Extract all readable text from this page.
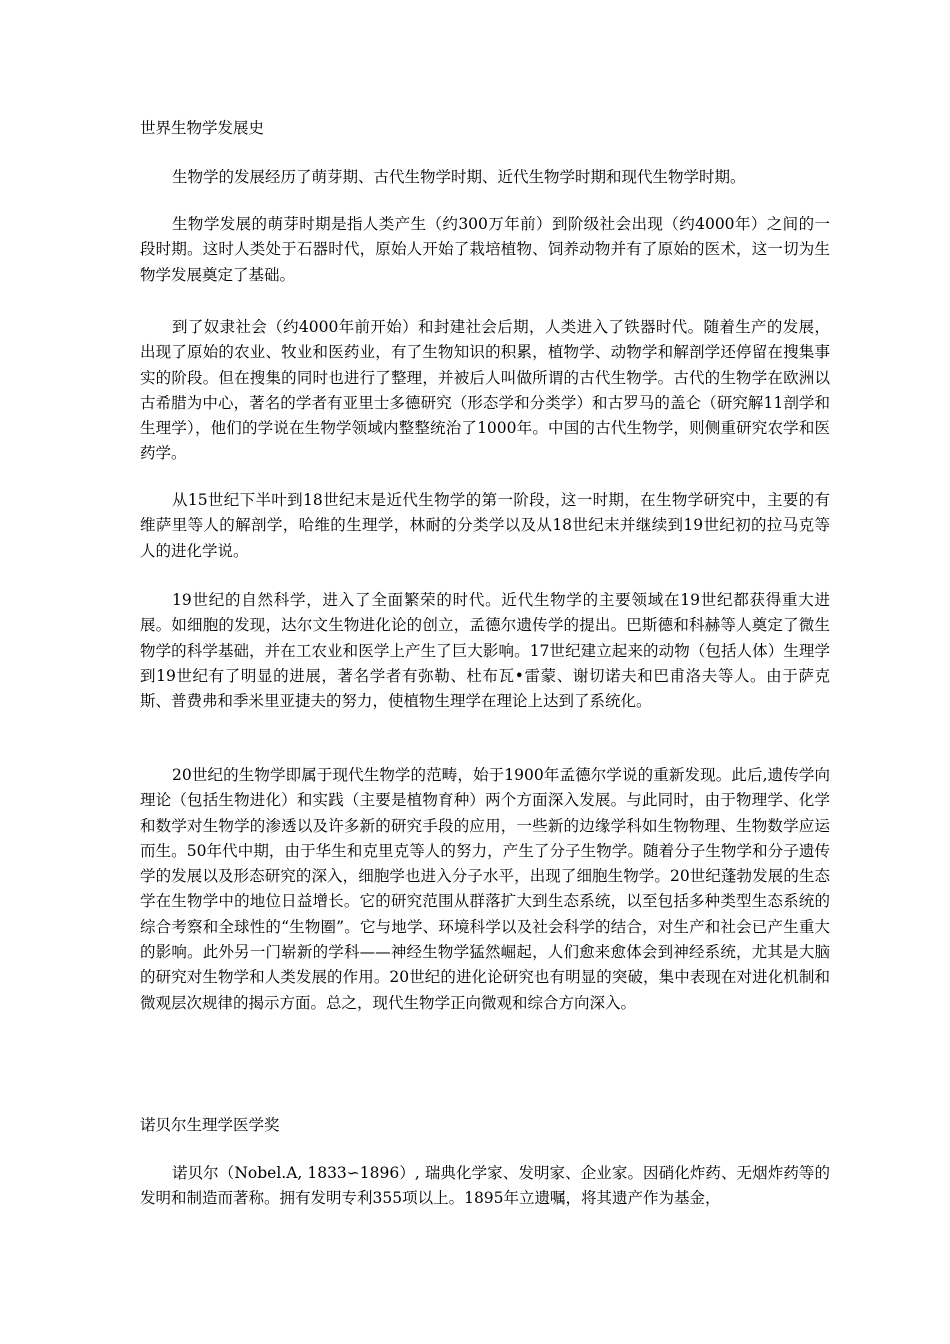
世界生物学发展史
生物学的发展经历了萌芽期、古代生物学时期、近代生物学时期和现代生物学时期。

生物学发展的萌芽时期是指人类产生（约300万年前）到阶级社会出现（约4000年）之间的一段时期。这时人类处于石器时代，原始人开始了栽培植物、饲养动物并有了原始的医术，这一切为生物学发展奠定了基础。

到了奴隶社会（约4000年前开始）和封建社会后期，人类进入了铁器时代。随着生产的发展，出现了原始的农业、牧业和医药业，有了生物知识的积累，植物学、动物学和解剖学还停留在搜集事实的阶段。但在搜集的同时也进行了整理，并被后人叫做所谓的古代生物学。古代的生物学在欧洲以古希腊为中心，著名的学者有亚里士多德研究（形态学和分类学）和古罗马的盖仑（研究解11剖学和生理学），他们的学说在生物学领域内整整统治了1000年。中国的古代生物学，则侧重研究农学和医药学。

从15世纪下半叶到18世纪末是近代生物学的第一阶段，这一时期，在生物学研究中，主要的有维萨里等人的解剖学，哈维的生理学，林耐的分类学以及从18世纪末并继续到19世纪初的拉马克等人的进化学说。

19世纪的自然科学，进入了全面繁荣的时代。近代生物学的主要领域在19世纪都获得重大进展。如细胞的发现，达尔文生物进化论的创立，孟德尔遗传学的提出。巴斯德和科赫等人奠定了微生物学的科学基础，并在工农业和医学上产生了巨大影响。17世纪建立起来的动物（包括人体）生理学到19世纪有了明显的进展，著名学者有弥勒、杜布瓦•雷蒙、谢切诺夫和巴甫洛夫等人。由于萨克斯、普费弗和季米里亚捷夫的努力，使植物生理学在理论上达到了系统化。

20世纪的生物学即属于现代生物学的范畴，始于1900年孟德尔学说的重新发现。此后,遗传学向理论（包括生物进化）和实践（主要是植物育种）两个方面深入发展。与此同时，由于物理学、化学和数学对生物学的渗透以及许多新的研究手段的应用，一些新的边缘学科如生物物理、生物数学应运而生。50年代中期，由于华生和克里克等人的努力，产生了分子生物学。随着分子生物学和分子遗传学的发展以及形态研究的深入，细胞学也进入分子水平，出现了细胞生物学。20世纪蓬勃发展的生态学在生物学中的地位日益增长。它的研究范围从群落扩大到生态系统，以至包括多种类型生态系统的综合考察和全球性的“生物圈”。它与地学、环境科学以及社会科学的结合，对生产和社会已产生重大的影响。此外另一门崭新的学科——神经生物学猛然崛起，人们愈来愈体会到神经系统，尤其是大脑的研究对生物学和人类发展的作用。20世纪的进化论研究也有明显的突破，集中表现在对进化机制和微观层次规律的揭示方面。总之，现代生物学正向微观和综合方向深入。

诺贝尔生理学医学奖

诺贝尔（Nobel.A, 1833∽1896）, 瑞典化学家、发明家、企业家。因硝化炸药、无烟炸药等的发明和制造而著称。拥有发明专利355项以上。1895年立遗嘱，将其遗产作为基金，
